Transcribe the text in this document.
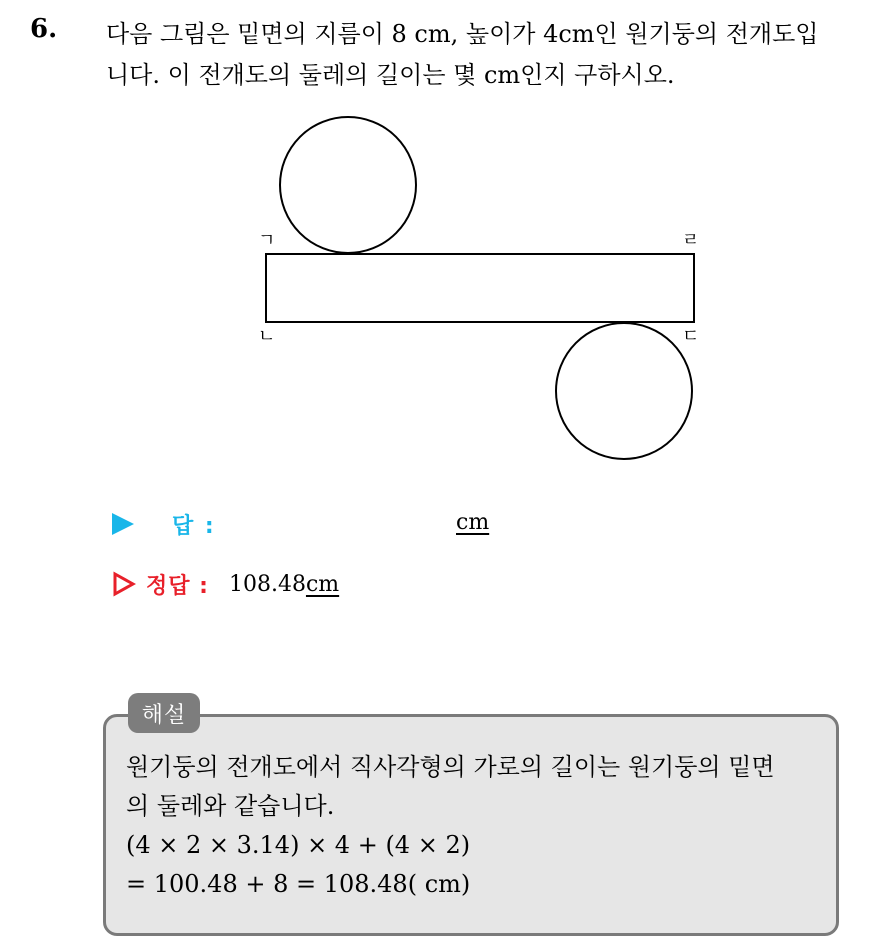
6. 다음 그림은 밑면의 지름이 8 cm, 높이가 4cm인 원기둥의 전개도입
니다. 이 전개도의 둘레의 길이는 몇 cm인지 구하시오.

ㄱ	ㄹ
ㄴ	ㄷ
답 :	cm
정답 : 108.48 cm
해설
원기둥의 전개도에서 직사각형의 가로의 길이는 원기둥의 밑면
의 둘레와 같습니다.
(4 × 2 × 3.14) × 4 + (4 × 2)
= 100.48 + 8 = 108.48( cm)
